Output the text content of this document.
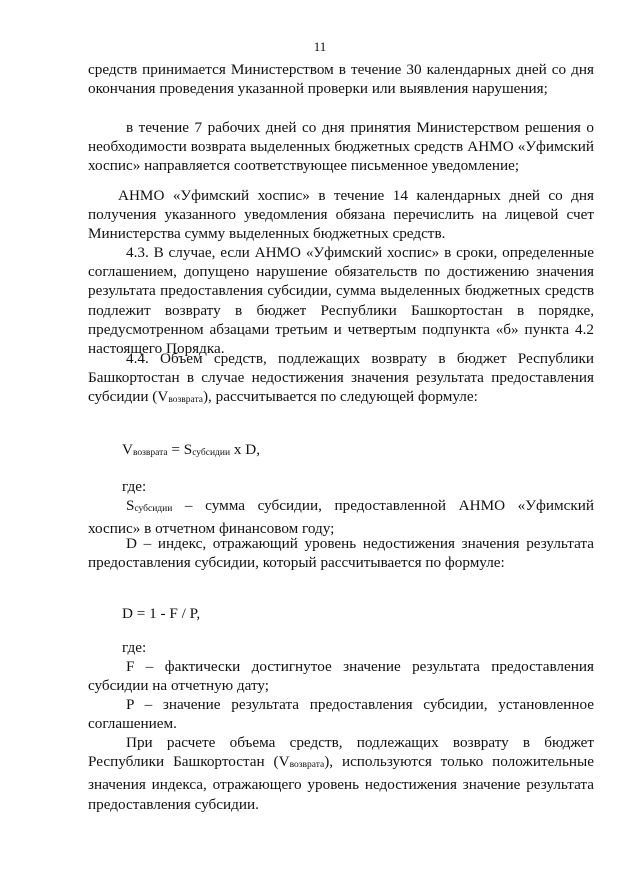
11

средств принимается Министерством в течение 30 календарных дней со дня окончания проведения указанной проверки или выявления нарушения;

в течение 7 рабочих дней со дня принятия Министерством решения о необходимости возврата выделенных бюджетных средств АНМО «Уфимский хоспис» направляется соответствующее письменное уведомление;

АНМО «Уфимский хоспис» в течение 14 календарных дней со дня получения указанного уведомления обязана перечислить на лицевой счет Министерства сумму выделенных бюджетных средств.

4.3. В случае, если АНМО «Уфимский хоспис» в сроки, определенные соглашением, допущено нарушение обязательств по достижению значения результата предоставления субсидии, сумма выделенных бюджетных средств подлежит возврату в бюджет Республики Башкортостан в порядке, предусмотренном абзацами третьим и четвертым подпункта «б» пункта 4.2 настоящего Порядка.

4.4. Объем средств, подлежащих возврату в бюджет Республики Башкортостан в случае недостижения значения результата предоставления субсидии (Vвозврата), рассчитывается по следующей формуле:

Vвозврата = Sсубсидии x D,

где:

Sсубсидии – сумма субсидии, предоставленной АНМО «Уфимский хоспис» в отчетном финансовом году;

D – индекс, отражающий уровень недостижения значения результата предоставления субсидии, который рассчитывается по формуле:

D = 1 - F / P,

где:

F – фактически достигнутое значение результата предоставления субсидии на отчетную дату;

P – значение результата предоставления субсидии, установленное соглашением.

При расчете объема средств, подлежащих возврату в бюджет Республики Башкортостан (Vвозврата), используются только положительные значения индекса, отражающего уровень недостижения значение результата предоставления субсидии.
